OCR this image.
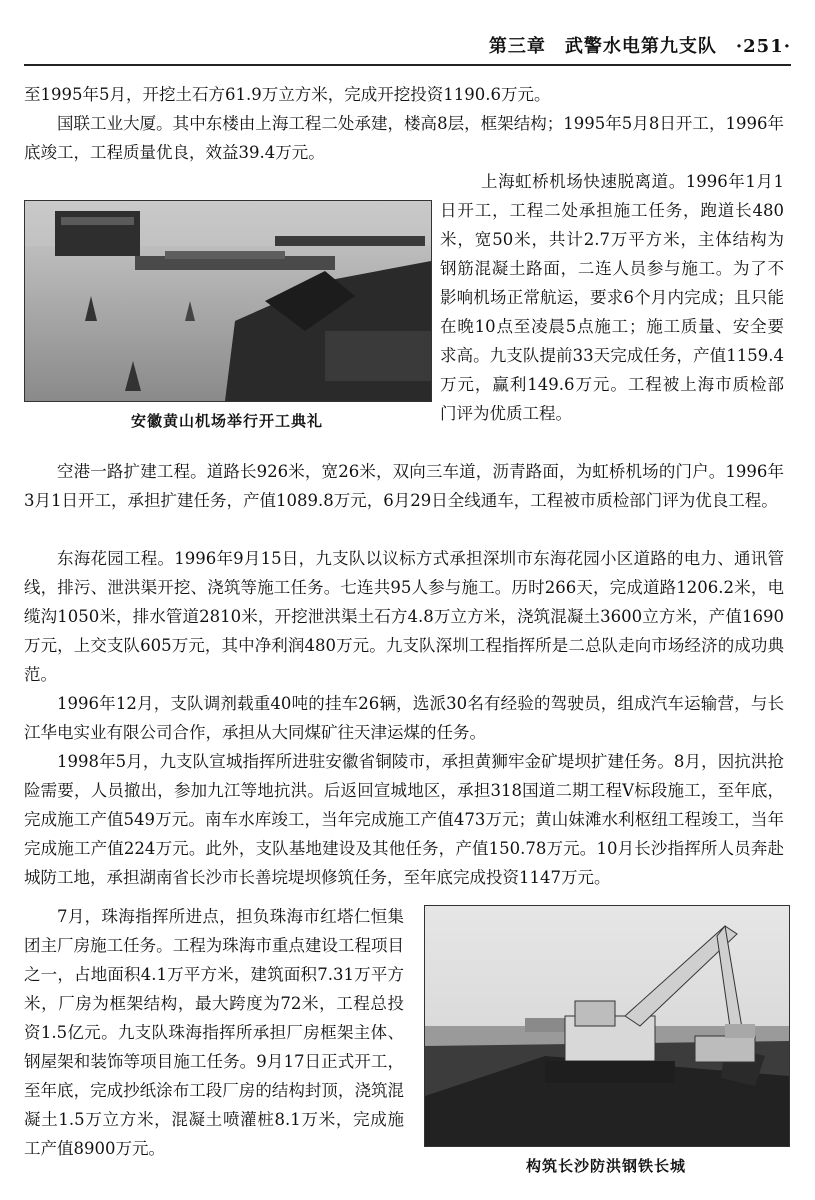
第三章　武警水电第九支队　·251·

至1995年5月，开挖土石方61.9万立方米，完成开挖投资1190.6万元。

国联工业大厦。其中东楼由上海工程二处承建，楼高8层，框架结构；1995年5月8日开工，1996年底竣工，工程质量优良，效益39.4万元。

安徽黄山机场举行开工典礼

上海虹桥机场快速脱离道。1996年1月1日开工，工程二处承担施工任务，跑道长480米，宽50米，共计2.7万平方米，主体结构为钢筋混凝土路面，二连人员参与施工。为了不影响机场正常航运，要求6个月内完成；且只能在晚10点至凌晨5点施工；施工质量、安全要求高。九支队提前33天完成任务，产值1159.4万元，赢利149.6万元。工程被上海市质检部门评为优质工程。

空港一路扩建工程。道路长926米，宽26米，双向三车道，沥青路面，为虹桥机场的门户。1996年3月1日开工，承担扩建任务，产值1089.8万元，6月29日全线通车，工程被市质检部门评为优良工程。

东海花园工程。1996年9月15日，九支队以议标方式承担深圳市东海花园小区道路的电力、通讯管线，排污、泄洪渠开挖、浇筑等施工任务。七连共95人参与施工。历时266天，完成道路1206.2米，电缆沟1050米，排水管道2810米，开挖泄洪渠土石方4.8万立方米，浇筑混凝土3600立方米，产值1690万元，上交支队605万元，其中净利润480万元。九支队深圳工程指挥所是二总队走向市场经济的成功典范。

1996年12月，支队调剂载重40吨的挂车26辆，选派30名有经验的驾驶员，组成汽车运输营，与长江华电实业有限公司合作，承担从大同煤矿往天津运煤的任务。

1998年5月，九支队宣城指挥所进驻安徽省铜陵市，承担黄狮牢金矿堤坝扩建任务。8月，因抗洪抢险需要，人员撤出，参加九江等地抗洪。后返回宣城地区，承担318国道二期工程Ⅴ标段施工，至年底，完成施工产值549万元。南车水库竣工，当年完成施工产值473万元；黄山妹滩水利枢纽工程竣工，当年完成施工产值224万元。此外，支队基地建设及其他任务，产值150.78万元。10月长沙指挥所人员奔赴城防工地，承担湖南省长沙市长善垸堤坝修筑任务，至年底完成投资1147万元。

7月，珠海指挥所进点，担负珠海市红塔仁恒集团主厂房施工任务。工程为珠海市重点建设工程项目之一，占地面积4.1万平方米，建筑面积7.31万平方米，厂房为框架结构，最大跨度为72米，工程总投资1.5亿元。九支队珠海指挥所承担厂房框架主体、钢屋架和装饰等项目施工任务。9月17日正式开工，至年底，完成抄纸涂布工段厂房的结构封顶，浇筑混凝土1.5万立方米，混凝土喷灌桩8.1万米，完成施工产值8900万元。

构筑长沙防洪钢铁长城
